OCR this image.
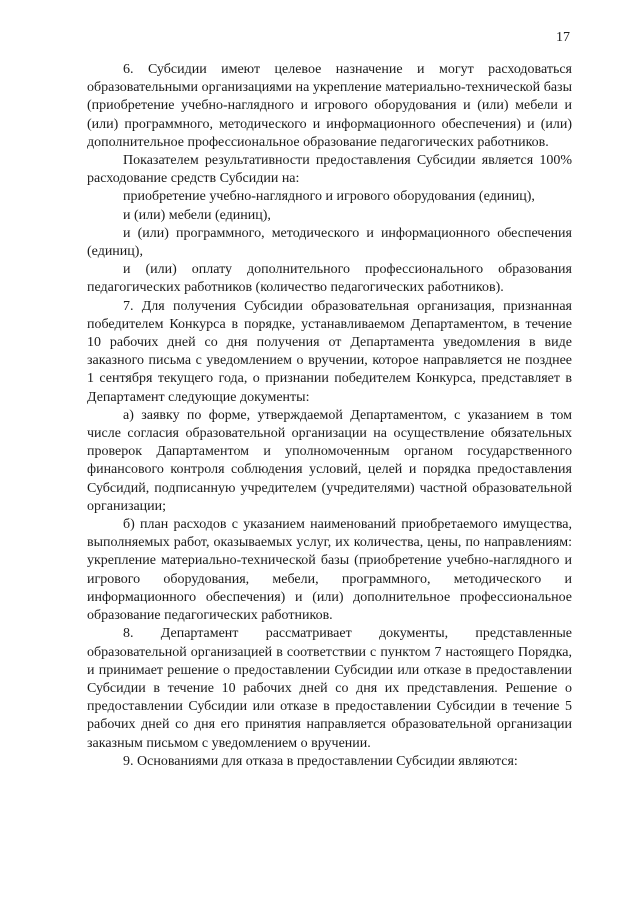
17

6. Субсидии имеют целевое назначение и могут расходоваться образовательными организациями на укрепление материально-технической базы (приобретение учебно-наглядного и игрового оборудования и (или) мебели и (или) программного, методического и информационного обеспечения) и (или) дополнительное профессиональное образование педагогических работников.

Показателем результативности предоставления Субсидии является 100% расходование средств Субсидии на:

приобретение учебно-наглядного и игрового оборудования (единиц),

и (или) мебели (единиц),

и (или) программного, методического и информационного обеспечения (единиц),

и (или) оплату дополнительного профессионального образования педагогических работников (количество педагогических работников).

7. Для получения Субсидии образовательная организация, признанная победителем Конкурса в порядке, устанавливаемом Департаментом, в течение 10 рабочих дней со дня получения от Департамента уведомления в виде заказного письма с уведомлением о вручении, которое направляется не позднее 1 сентября текущего года, о признании победителем Конкурса, представляет в Департамент следующие документы:

а) заявку по форме, утверждаемой Департаментом, с указанием в том числе согласия образовательной организации на осуществление обязательных проверок Дапартаментом и уполномоченным органом государственного финансового контроля соблюдения условий, целей и порядка предоставления Субсидий, подписанную учредителем (учредителями) частной образовательной организации;

б) план расходов с указанием наименований приобретаемого имущества, выполняемых работ, оказываемых услуг, их количества, цены, по направлениям: укрепление материально-технической базы (приобретение учебно-наглядного и игрового оборудования, мебели, программного, методического и информационного обеспечения) и (или) дополнительное профессиональное образование педагогических работников.

8. Департамент рассматривает документы, представленные образовательной организацией в соответствии с пунктом 7 настоящего Порядка, и принимает решение о предоставлении Субсидии или отказе в предоставлении Субсидии в течение 10 рабочих дней со дня их представления. Решение о предоставлении Субсидии или отказе в предоставлении Субсидии в течение 5 рабочих дней со дня его принятия направляется образовательной организации заказным письмом с уведомлением о вручении.

9. Основаниями для отказа в предоставлении Субсидии являются:
